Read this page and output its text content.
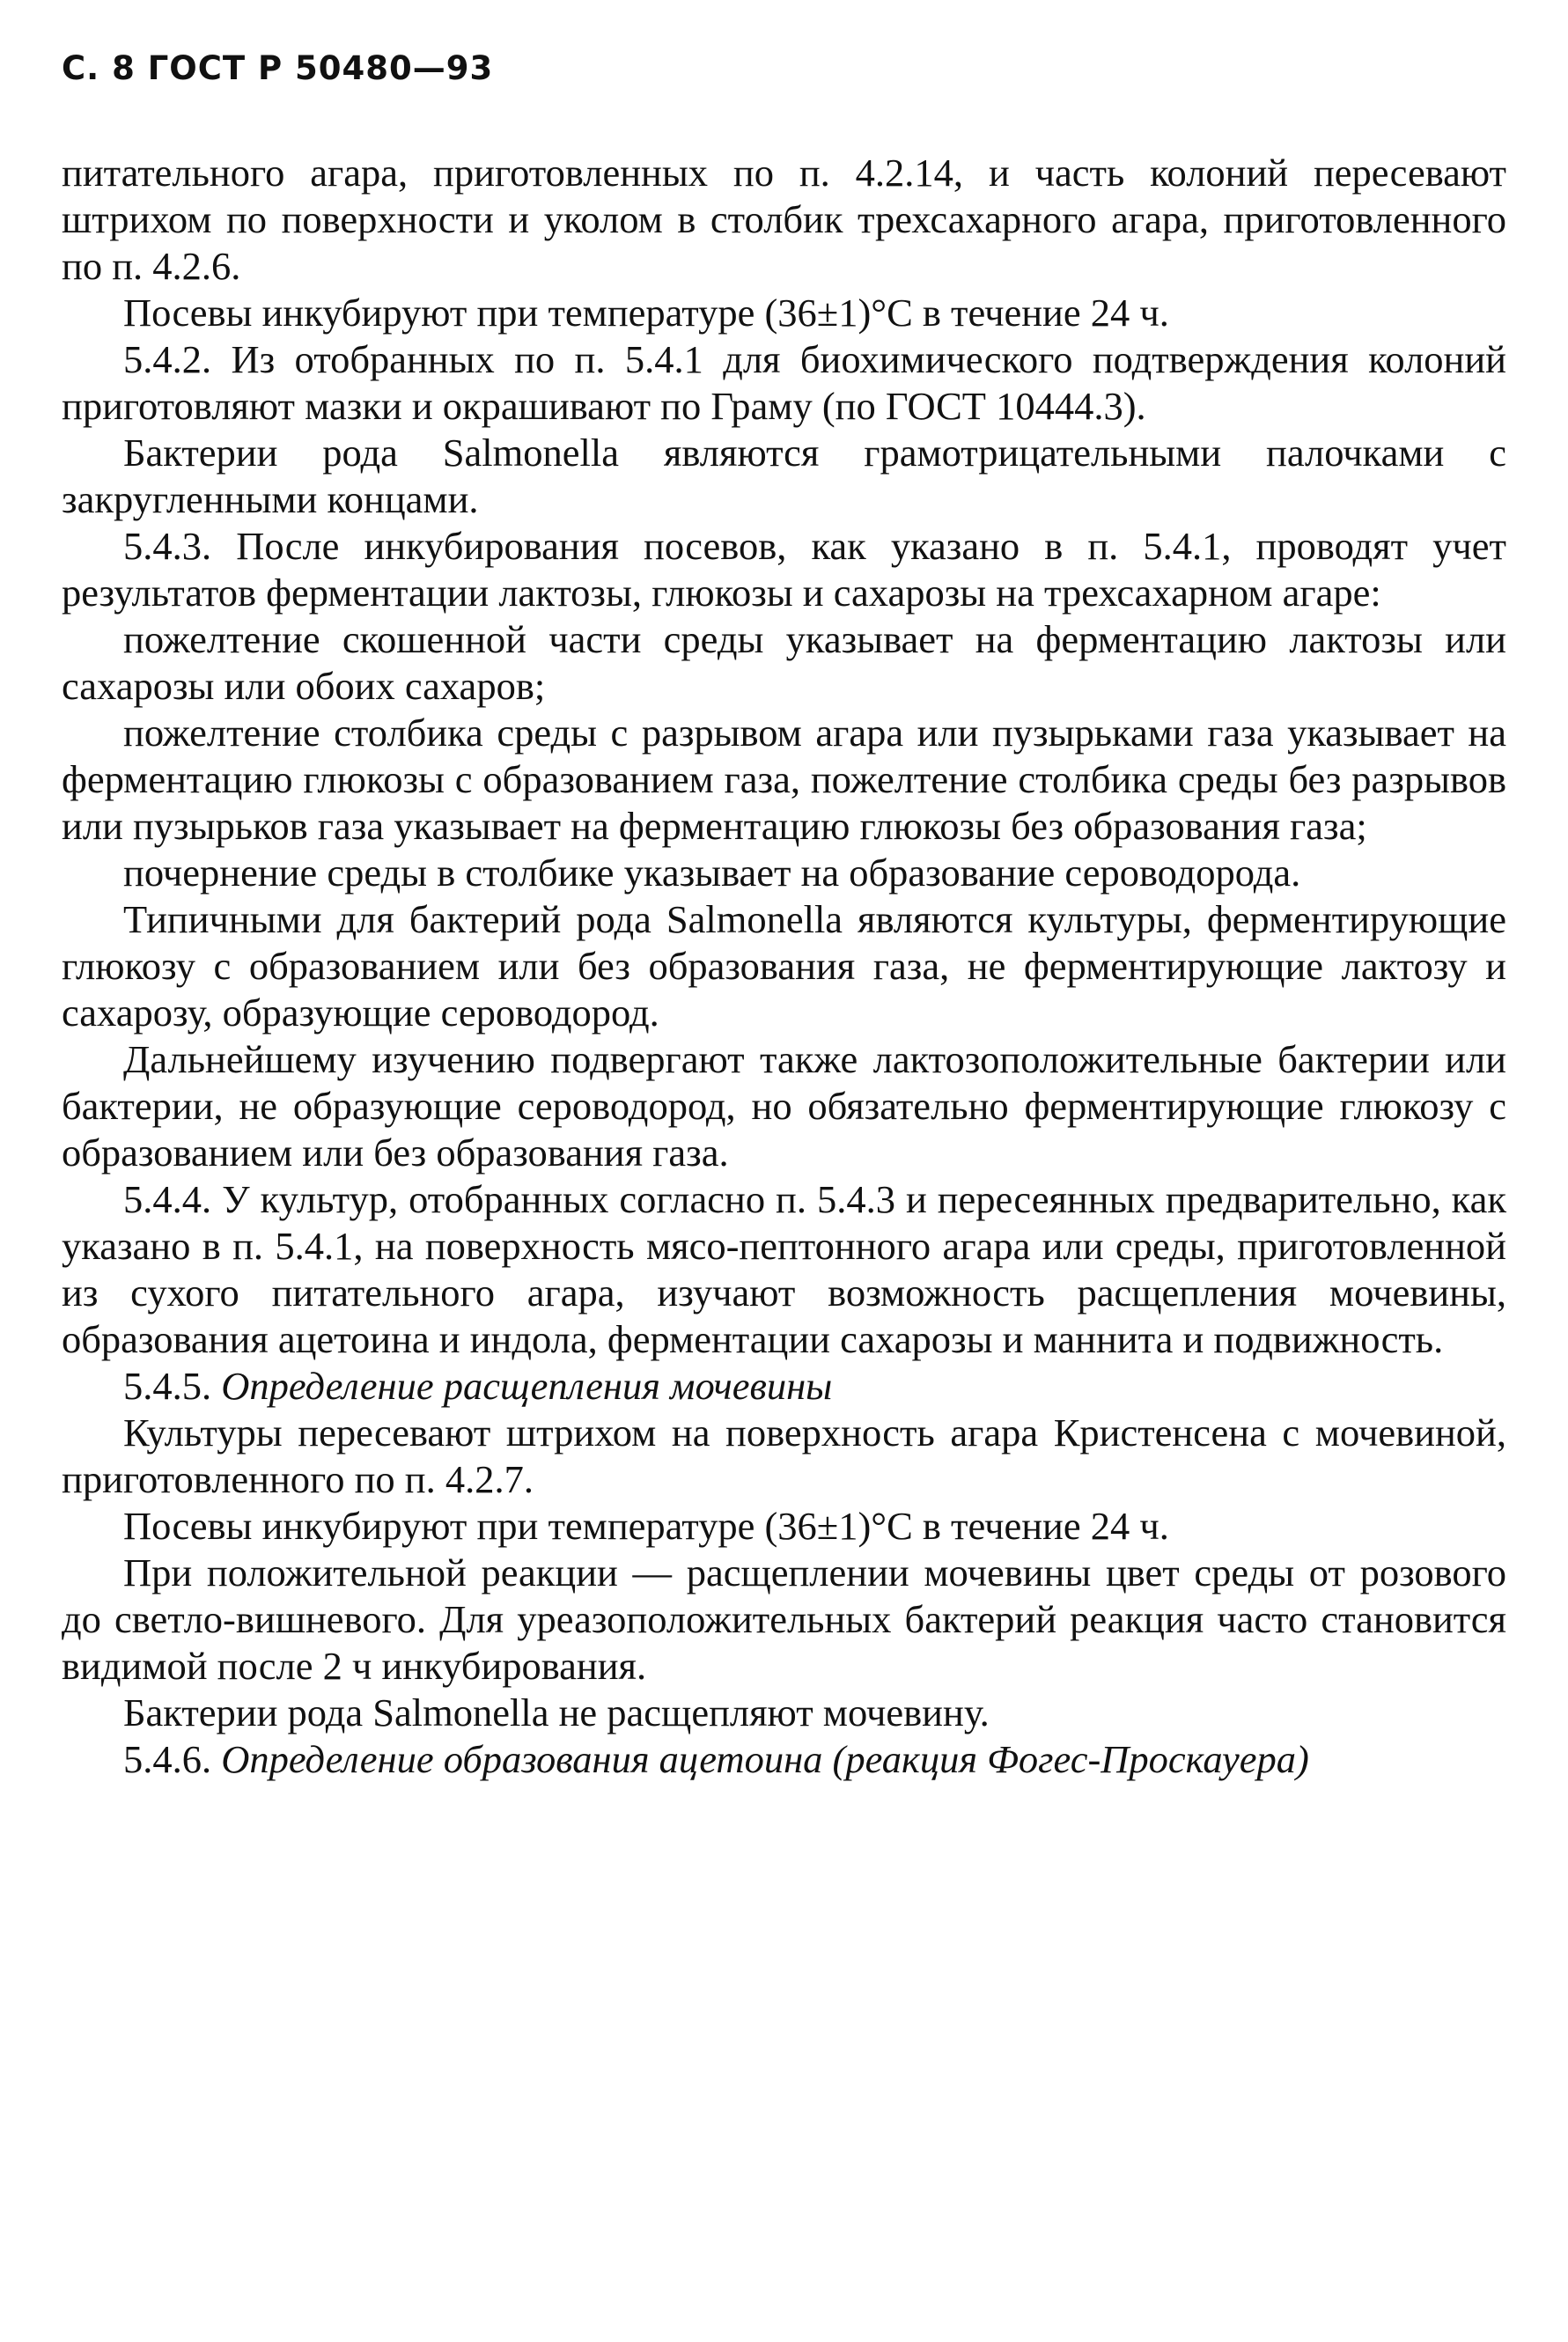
С. 8 ГОСТ Р 50480—93

питательного агара, приготовленных по п. 4.2.14, и часть колоний пересевают штрихом по поверхности и уколом в столбик трехсахарного агара, приготовленного по п. 4.2.6.

Посевы инкубируют при температуре (36±1)°С в течение 24 ч.

5.4.2. Из отобранных по п. 5.4.1 для биохимического подтверждения колоний приготовляют мазки и окрашивают по Граму (по ГОСТ 10444.3).

Бактерии рода Salmonella являются грамотрицательными палочками с закругленными концами.

5.4.3. После инкубирования посевов, как указано в п. 5.4.1, проводят учет результатов ферментации лактозы, глюкозы и сахарозы на трехсахарном агаре:

пожелтение скошенной части среды указывает на ферментацию лактозы или сахарозы или обоих сахаров;

пожелтение столбика среды с разрывом агара или пузырьками газа указывает на ферментацию глюкозы с образованием газа, пожелтение столбика среды без разрывов или пузырьков газа указывает на ферментацию глюкозы без образования газа;

почернение среды в столбике указывает на образование сероводорода.

Типичными для бактерий рода Salmonella являются культуры, ферментирующие глюкозу с образованием или без образования газа, не ферментирующие лактозу и сахарозу, образующие сероводород.

Дальнейшему изучению подвергают также лактозоположительные бактерии или бактерии, не образующие сероводород, но обязательно ферментирующие глюкозу с образованием или без образования газа.

5.4.4. У культур, отобранных согласно п. 5.4.3 и пересеянных предварительно, как указано в п. 5.4.1, на поверхность мясо-пептонного агара или среды, приготовленной из сухого питательного агара, изучают возможность расщепления мочевины, образования ацетоина и индола, ферментации сахарозы и маннита и подвижность.

5.4.5. Определение расщепления мочевины

Культуры пересевают штрихом на поверхность агара Кристенсена с мочевиной, приготовленного по п. 4.2.7.

Посевы инкубируют при температуре (36±1)°С в течение 24 ч.

При положительной реакции — расщеплении мочевины цвет среды от розового до светло-вишневого. Для уреазоположительных бактерий реакция часто становится видимой после 2 ч инкубирования.

Бактерии рода Salmonella не расщепляют мочевину.

5.4.6. Определение образования ацетоина (реакция Фогес-Проскауера)
